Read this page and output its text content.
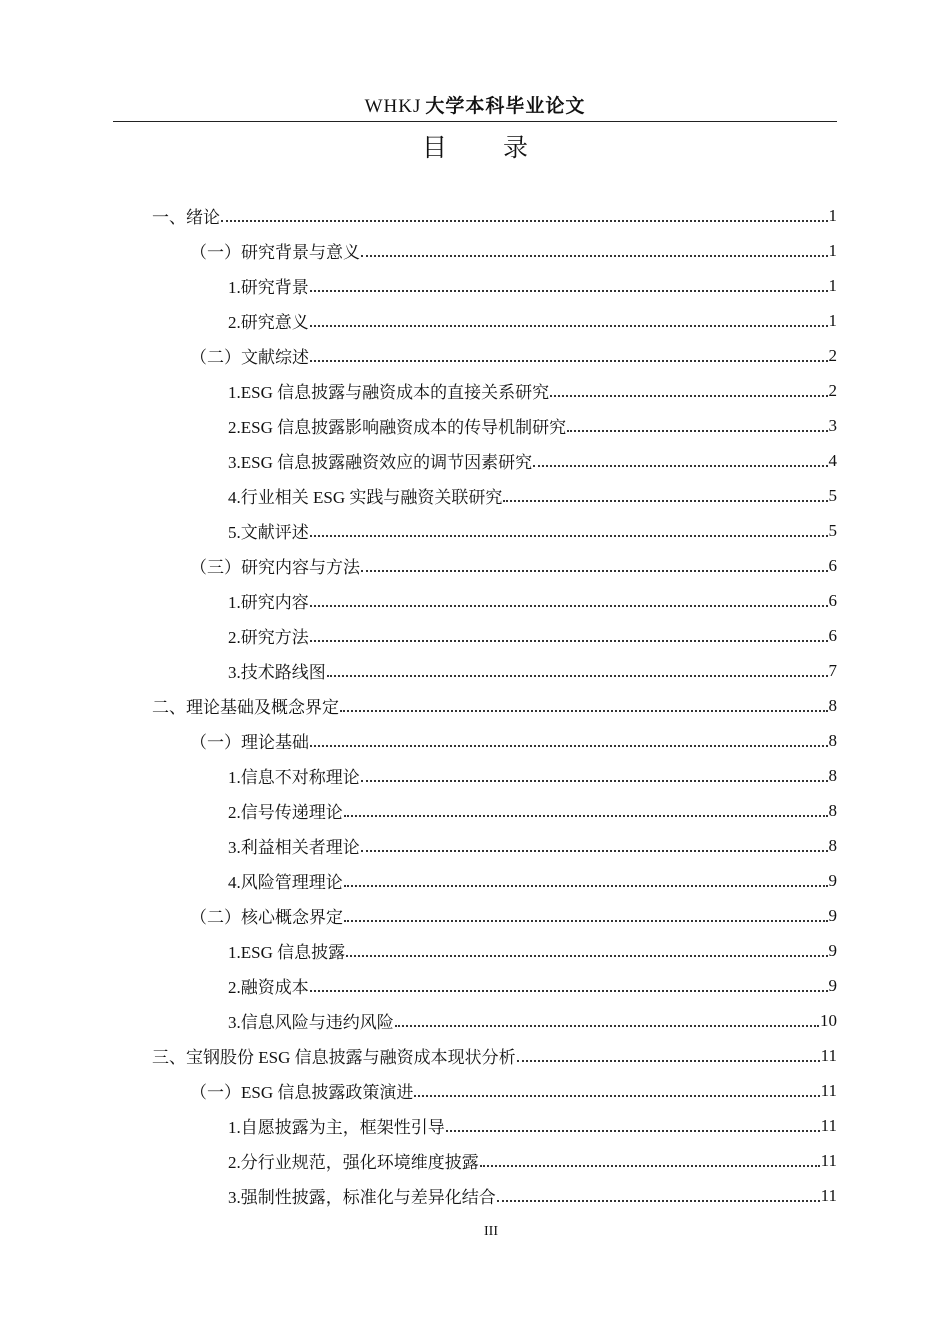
WHKJ 大学本科毕业论文
目 录
一、绪论	1
（一）研究背景与意义	1
1.研究背景	1
2.研究意义	1
（二）文献综述	2
1.ESG 信息披露与融资成本的直接关系研究	2
2.ESG 信息披露影响融资成本的传导机制研究	3
3.ESG 信息披露融资效应的调节因素研究	4
4.行业相关 ESG 实践与融资关联研究	5
5.文献评述	5
（三）研究内容与方法	6
1.研究内容	6
2.研究方法	6
3.技术路线图	7
二、理论基础及概念界定	8
（一）理论基础	8
1.信息不对称理论	8
2.信号传递理论	8
3.利益相关者理论	8
4.风险管理理论	9
（二）核心概念界定	9
1.ESG 信息披露	9
2.融资成本	9
3.信息风险与违约风险	10
三、宝钢股份 ESG 信息披露与融资成本现状分析	11
（一）ESG 信息披露政策演进	11
1.自愿披露为主，框架性引导	11
2.分行业规范，强化环境维度披露	11
3.强制性披露，标准化与差异化结合	11
III
